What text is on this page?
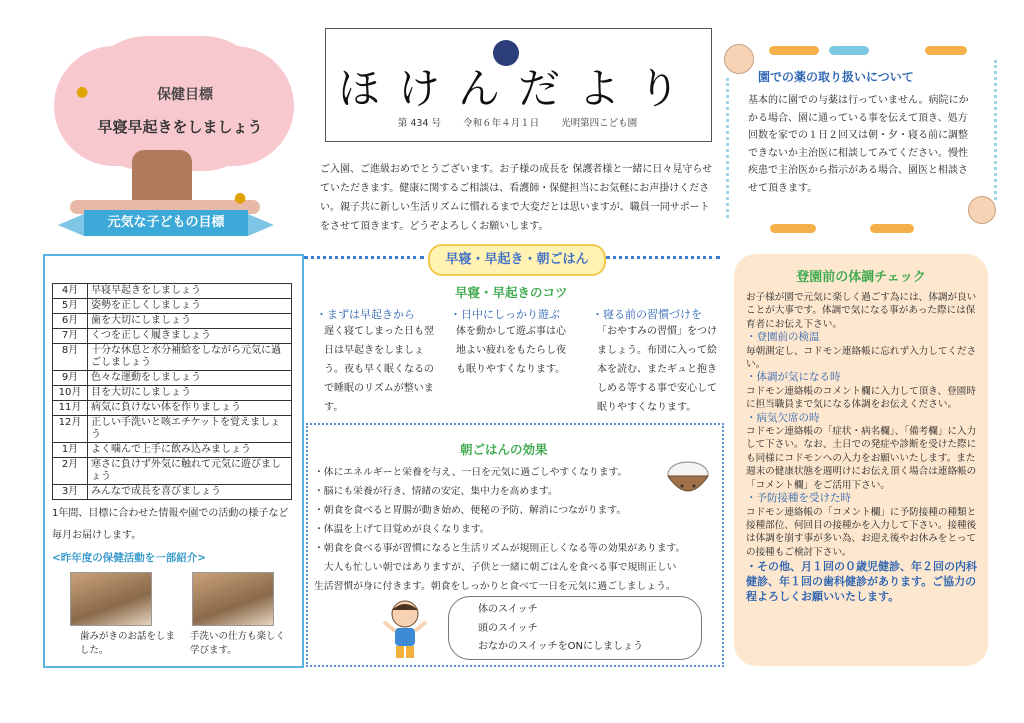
●
●
保健目標
早寝早起きをしましょう
元気な子どもの目標
4月	早寝早起きをしましょう
5月	姿勢を正しくしましょう
6月	歯を大切にしましょう
7月	くつを正しく履きましょう
8月	十分な休息と水分補給をしながら元気に過ごしましょう
9月	色々な運動をしましょう
10月	目を大切にしましょう
11月	病気に負けない体を作りましょう
12月	正しい手洗いと咳エチケットを覚えましょう
1月	よく噛んで上手に飲み込みましょう
2月	寒さに負けず外気に触れて元気に遊びましょう
3月	みんなで成長を喜びましょう
1年間、目標に合わせた情報や園での活動の様子など毎月お届けします。
<昨年度の保健活動を一部紹介>
歯みがきのお話をしました。
手洗いの仕方も楽しく学びます。
ほけんだより
第 434 号　　 令和６年４月１日　　 光明第四こども園
ご入園、ご進級おめでとうございます。お子様の成長を 保護者様と一緒に日々見守らせていただきます。健康に関するご相談は、看護師・保健担当にお気軽にお声掛けください。親子共に新しい生活リズムに慣れるまで大変だとは思いますが、職員一同サポートをさせて頂きます。どうぞよろしくお願いします。
園での薬の取り扱いについて
基本的に園での与薬は行っていません。病院にかかる場合、園に通っている事を伝えて頂き、処方回数を家での１日２回又は朝・夕・寝る前に調整できないか主治医に相談してみてください。慢性疾患で主治医から指示がある場合、園医と相談させて頂きます。
早寝・早起き・朝ごはん
早寝・早起きのコツ
・まずは早起きから
遅く寝てしまった日も翌日は早起きをしましょう。夜も早く眠くなるので睡眠のリズムが整います。
・日中にしっかり遊ぶ
体を動かして遊ぶ事は心地よい疲れをもたらし夜も眠りやすくなります。
・寝る前の習慣づけを
「おやすみの習慣」をつけましょう。布団に入って絵本を読む、またギュと抱きしめる等する事で安心して眠りやすくなります。
朝ごはんの効果
・体にエネルギーと栄養を与え、一日を元気に過ごしやすくなります。
・脳にも栄養が行き、情緒の安定、集中力を高めます。
・朝食を食べると胃腸が動き始め、便秘の予防、解消につながります。
・体温を上げて目覚めが良くなります。
・朝食を食べる事が習慣になると生活リズムが規則正しくなる等の効果があります。
　大人も忙しい朝ではありますが、子供と一緒に朝ごはんを食べる事で規則正しい
生活習慣が身に付きます。朝食をしっかりと食べて一日を元気に過ごしましょう。
体のスイッチ
頭のスイッチ
おなかのスイッチをONにしましょう
登園前の体調チェック

お子様が園で元気に楽しく過ごす為には、体調が良いことが大事です。体調で気になる事があった際には保育者にお伝え下さい。

・登園前の検温

毎朝測定し、コドモン連絡帳に忘れず入力してください。

・体調が気になる時

コドモン連絡帳のコメント欄に入力して頂き、登園時に担当職員まで気になる体調をお伝えください。

・病気欠席の時

コドモン連絡帳の「症状・病名欄」、「備考欄」に入力して下さい。なお、土日での発症や診断を受けた際にも同様にコドモンへの入力をお願いいたします。また週末の健康状態を週明けにお伝え頂く場合は連絡帳の「コメント欄」をご活用下さい。

・予防接種を受けた時

コドモン連絡帳の「コメント欄」に予防接種の種類と接種部位、何回目の接種かを入力して下さい。接種後は体調を崩す事が多い為、お迎え後やお休みをとっての接種もご検討下さい。

・その他、月１回の０歳児健診、年２回の内科健診、年１回の歯科健診があります。ご協力の程よろしくお願いいたします。
